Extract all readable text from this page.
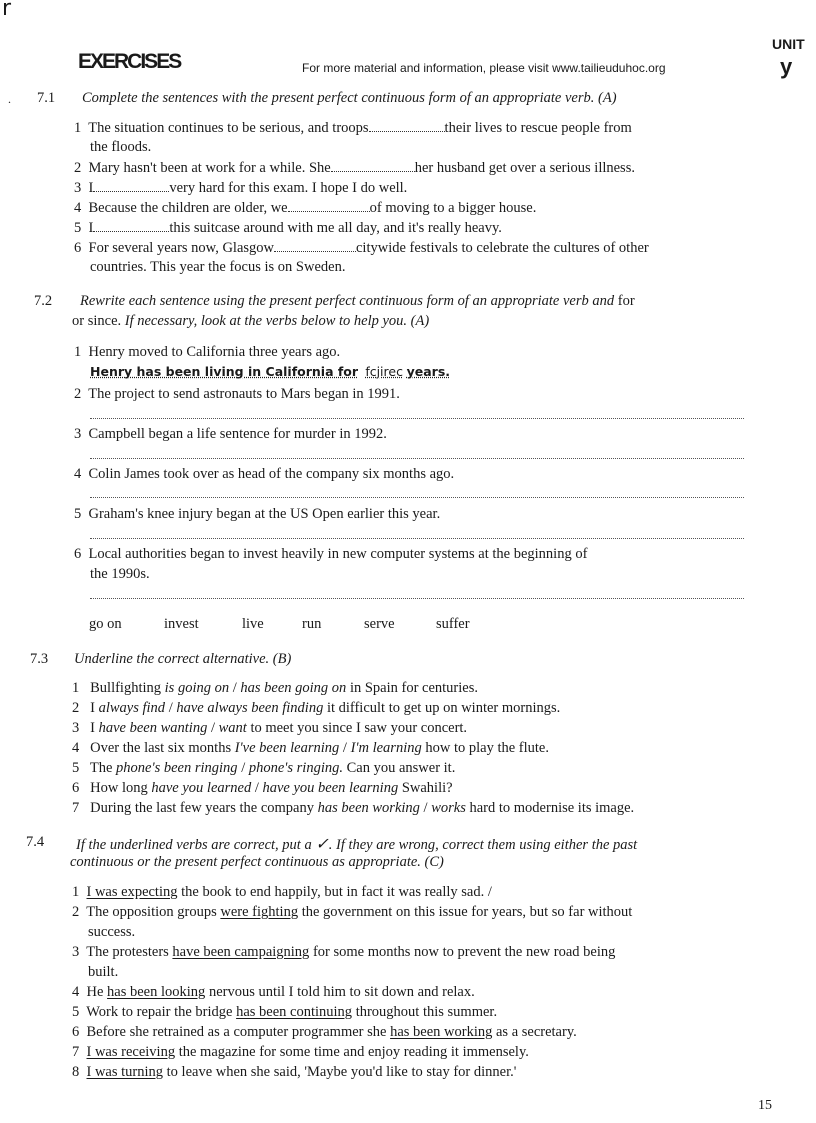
r
EXERCISES	For more material and information, please visit www.tailieuduhoc.org
UNIT
y
. 7.1 Complete the sentences with the present perfect continuous form of an appropriate verb. (A)
1 The situation continues to be serious, and troops	their lives to rescue people from
the floods.
2 Mary hasn't been at work for a while. She	her husband get over a serious illness.
3 I	very hard for this exam. I hope I do well.
4 Because the children are older, we	of moving to a bigger house.
5 I	this suitcase around with me all day, and it's really heavy.
6 For several years now, Glasgow	citywide festivals to celebrate the cultures of other
countries. This year the focus is on Sweden.
7.2 Rewrite each sentence using the present perfect continuous form of an appropriate verb and for
or since. If necessary, look at the verbs below to help you. (A)
1 Henry moved to California three years ago.
Henry has been living in California for fcjirec years.
2 The project to send astronauts to Mars began in 1991.
3 Campbell began a life sentence for murder in 1992.
4 Colin James took over as head of the company six months ago.
5 Graham's knee injury began at the US Open earlier this year.
6 Local authorities began to invest heavily in new computer systems at the beginning of
the 1990s.
go on	invest	live	run	serve	suffer
7.3 Underline the correct alternative. (B)
1 Bullfighting is going on / has been going on in Spain for centuries.
2 I always find / have always been finding it difficult to get up on winter mornings.
3 I have been wanting / want to meet you since I saw your concert.
4 Over the last six months I've been learning / I'm learning how to play the flute.
5 The phone's been ringing / phone's ringing. Can you answer it.
6 How long have you learned / have you been learning Swahili?
7 During the last few years the company has been working / works hard to modernise its image.
7.4 If the underlined verbs are correct, put a ✓. If they are wrong, correct them using either the past
continuous or the present perfect continuous as appropriate. (C)
1 I was expecting the book to end happily, but in fact it was really sad. /
2 The opposition groups were fighting the government on this issue for years, but so far without
success.
3 The protesters have been campaigning for some months now to prevent the new road being
built.
4 He has been looking nervous until I told him to sit down and relax.
5 Work to repair the bridge has been continuing throughout this summer.
6 Before she retrained as a computer programmer she has been working as a secretary.
7 I was receiving the magazine for some time and enjoy reading it immensely.
8 I was turning to leave when she said, 'Maybe you'd like to stay for dinner.'
15
